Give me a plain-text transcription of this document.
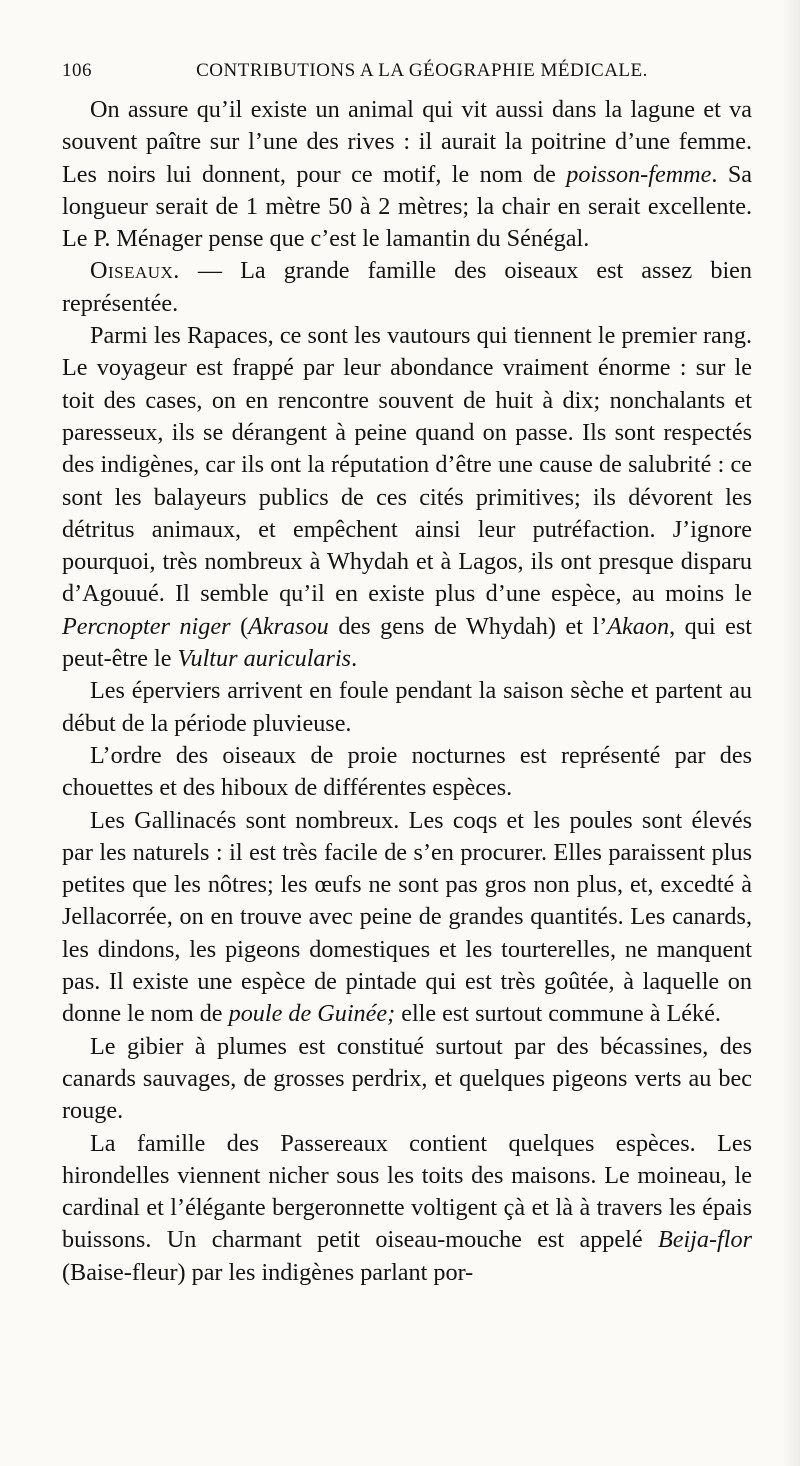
106	CONTRIBUTIONS A LA GÉOGRAPHIE MÉDICALE.

On assure qu’il existe un animal qui vit aussi dans la lagune et va souvent paître sur l’une des rives : il aurait la poitrine d’une femme. Les noirs lui donnent, pour ce motif, le nom de poisson-femme. Sa longueur serait de 1 mètre 50 à 2 mètres; la chair en serait excellente. Le P. Ménager pense que c’est le lamantin du Sénégal.

Oiseaux. — La grande famille des oiseaux est assez bien représentée.

Parmi les Rapaces, ce sont les vautours qui tiennent le premier rang. Le voyageur est frappé par leur abondance vraiment énorme : sur le toit des cases, on en rencontre souvent de huit à dix; nonchalants et paresseux, ils se dérangent à peine quand on passe. Ils sont respectés des indigènes, car ils ont la réputation d’être une cause de salubrité : ce sont les balayeurs publics de ces cités primitives; ils dévorent les détritus animaux, et empêchent ainsi leur putréfaction. J’ignore pourquoi, très nombreux à Whydah et à Lagos, ils ont presque disparu d’Agouué. Il semble qu’il en existe plus d’une espèce, au moins le Percnopter niger (Akrasou des gens de Whydah) et l’Akaon, qui est peut-être le Vultur auricularis.

Les éperviers arrivent en foule pendant la saison sèche et partent au début de la période pluvieuse.

L’ordre des oiseaux de proie nocturnes est représenté par des chouettes et des hiboux de différentes espèces.

Les Gallinacés sont nombreux. Les coqs et les poules sont élevés par les naturels : il est très facile de s’en procurer. Elles paraissent plus petites que les nôtres; les œufs ne sont pas gros non plus, et, excedté à Jellacorrée, on en trouve avec peine de grandes quantités. Les canards, les dindons, les pigeons domestiques et les tourterelles, ne manquent pas. Il existe une espèce de pintade qui est très goûtée, à laquelle on donne le nom de poule de Guinée; elle est surtout commune à Léké.

Le gibier à plumes est constitué surtout par des bécassines, des canards sauvages, de grosses perdrix, et quelques pigeons verts au bec rouge.

La famille des Passereaux contient quelques espèces. Les hirondelles viennent nicher sous les toits des maisons. Le moineau, le cardinal et l’élégante bergeronnette voltigent çà et là à travers les épais buissons. Un charmant petit oiseau-mouche est appelé Beija-flor (Baise-fleur) par les indigènes parlant por-
